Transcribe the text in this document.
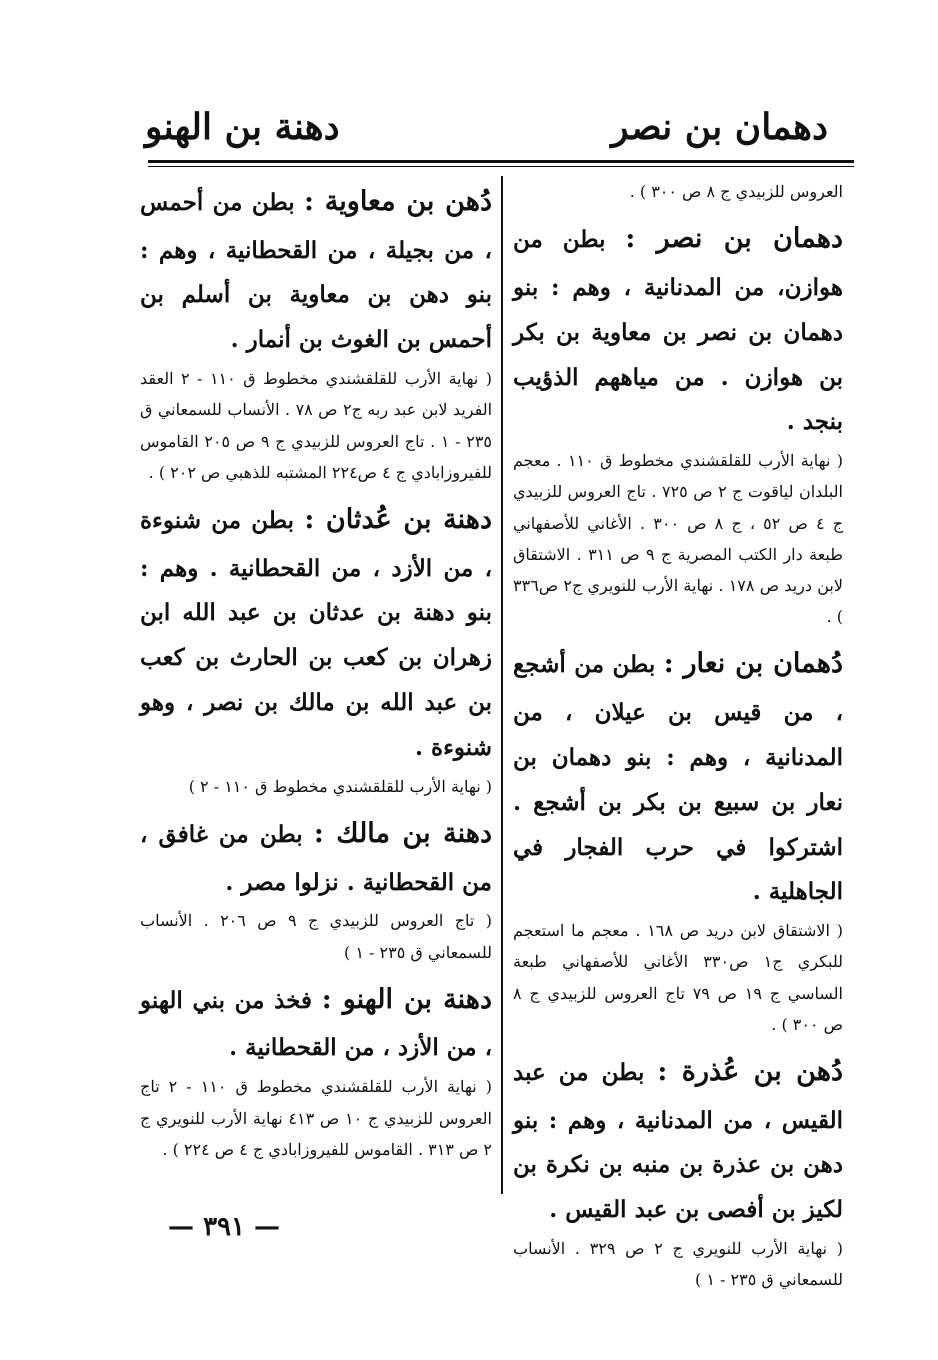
دهمان بن نصر
دهنة بن الهنو

العروس للزبيدي ج ٨ ص ٣٠٠ ) .

دهمان بن نصر : بطن من هوازن، من المدنانية ، وهم : بنو دهمان بن نصر بن معاوية بن بكر بن هوازن . من مياههم الذؤيب بنجد .

( نهاية الأرب للقلقشندي مخطوط ق ١١٠ . معجم البلدان لياقوت ج ٢ ص ٧٢٥ . تاج العروس للزبيدي ج ٤ ص ٥٢ ، ج ٨ ص ٣٠٠ . الأغاني للأصفهاني طبعة دار الكتب المصرية ج ٩ ص ٣١١ . الاشتقاق لابن دريد ص ١٧٨ . نهاية الأرب للنويري ج٢ ص٣٣٦ ) .

دُهمان بن نعار : بطن من أشجع ، من قيس بن عيلان ، من المدنانية ، وهم : بنو دهمان بن نعار بن سبيع بن بكر بن أشجع . اشتركوا في حرب الفجار في الجاهلية .

( الاشتقاق لابن دريد ص ١٦٨ . معجم ما استعجم للبكري ج١ ص٣٣٠ الأغاني للأصفهاني طبعة الساسي ج ١٩ ص ٧٩ تاج العروس للزبيدي ج ٨ ص ٣٠٠ ) .

دُهن بن عُذرة : بطن من عبد القيس ، من المدنانية ، وهم : بنو دهن بن عذرة بن منبه بن نكرة بن لكيز بن أفصى بن عبد القيس .

( نهاية الأرب للنويري ج ٢ ص ٣٢٩ . الأنساب للسمعاني ق ٢٣٥ - ١ )

دُهن بن معاوية : بطن من أحمس ، من بجيلة ، من القحطانية ، وهم : بنو دهن بن معاوية بن أسلم بن أحمس بن الغوث بن أنمار .

( نهاية الأرب للقلقشندي مخطوط ق ١١٠ - ٢ العقد الفريد لابن عبد ربه ج٢ ص ٧٨ . الأنساب للسمعاني ق ٢٣٥ - ١ . تاج العروس للزبيدي ج ٩ ص ٢٠٥ القاموس للفيروزابادي ج ٤ ص٢٢٤ المشتبه للذهبي ص ٢٠٢ ) .

دهنة بن عُدثان : بطن من شنوءة ، من الأزد ، من القحطانية . وهم : بنو دهنة بن عدثان بن عبد الله ابن زهران بن كعب بن الحارث بن كعب بن عبد الله بن مالك بن نصر ، وهو شنوءة .

( نهاية الأرب للقلقشندي مخطوط ق ١١٠ - ٢ )

دهنة بن مالك : بطن من غافق ، من القحطانية . نزلوا مصر .

( تاج العروس للزبيدي ج ٩ ص ٢٠٦ . الأنساب للسمعاني ق ٢٣٥ - ١ )

دهنة بن الهنو : فخذ من بني الهنو ، من الأزد ، من القحطانية .

( نهاية الأرب للقلقشندي مخطوط ق ١١٠ - ٢ تاج العروس للزبيدي ج ١٠ ص ٤١٣ نهاية الأرب للنويري ج ٢ ص ٣١٣ . القاموس للفيروزابادي ج ٤ ص ٢٢٤ ) .

— ٣٩١ —
